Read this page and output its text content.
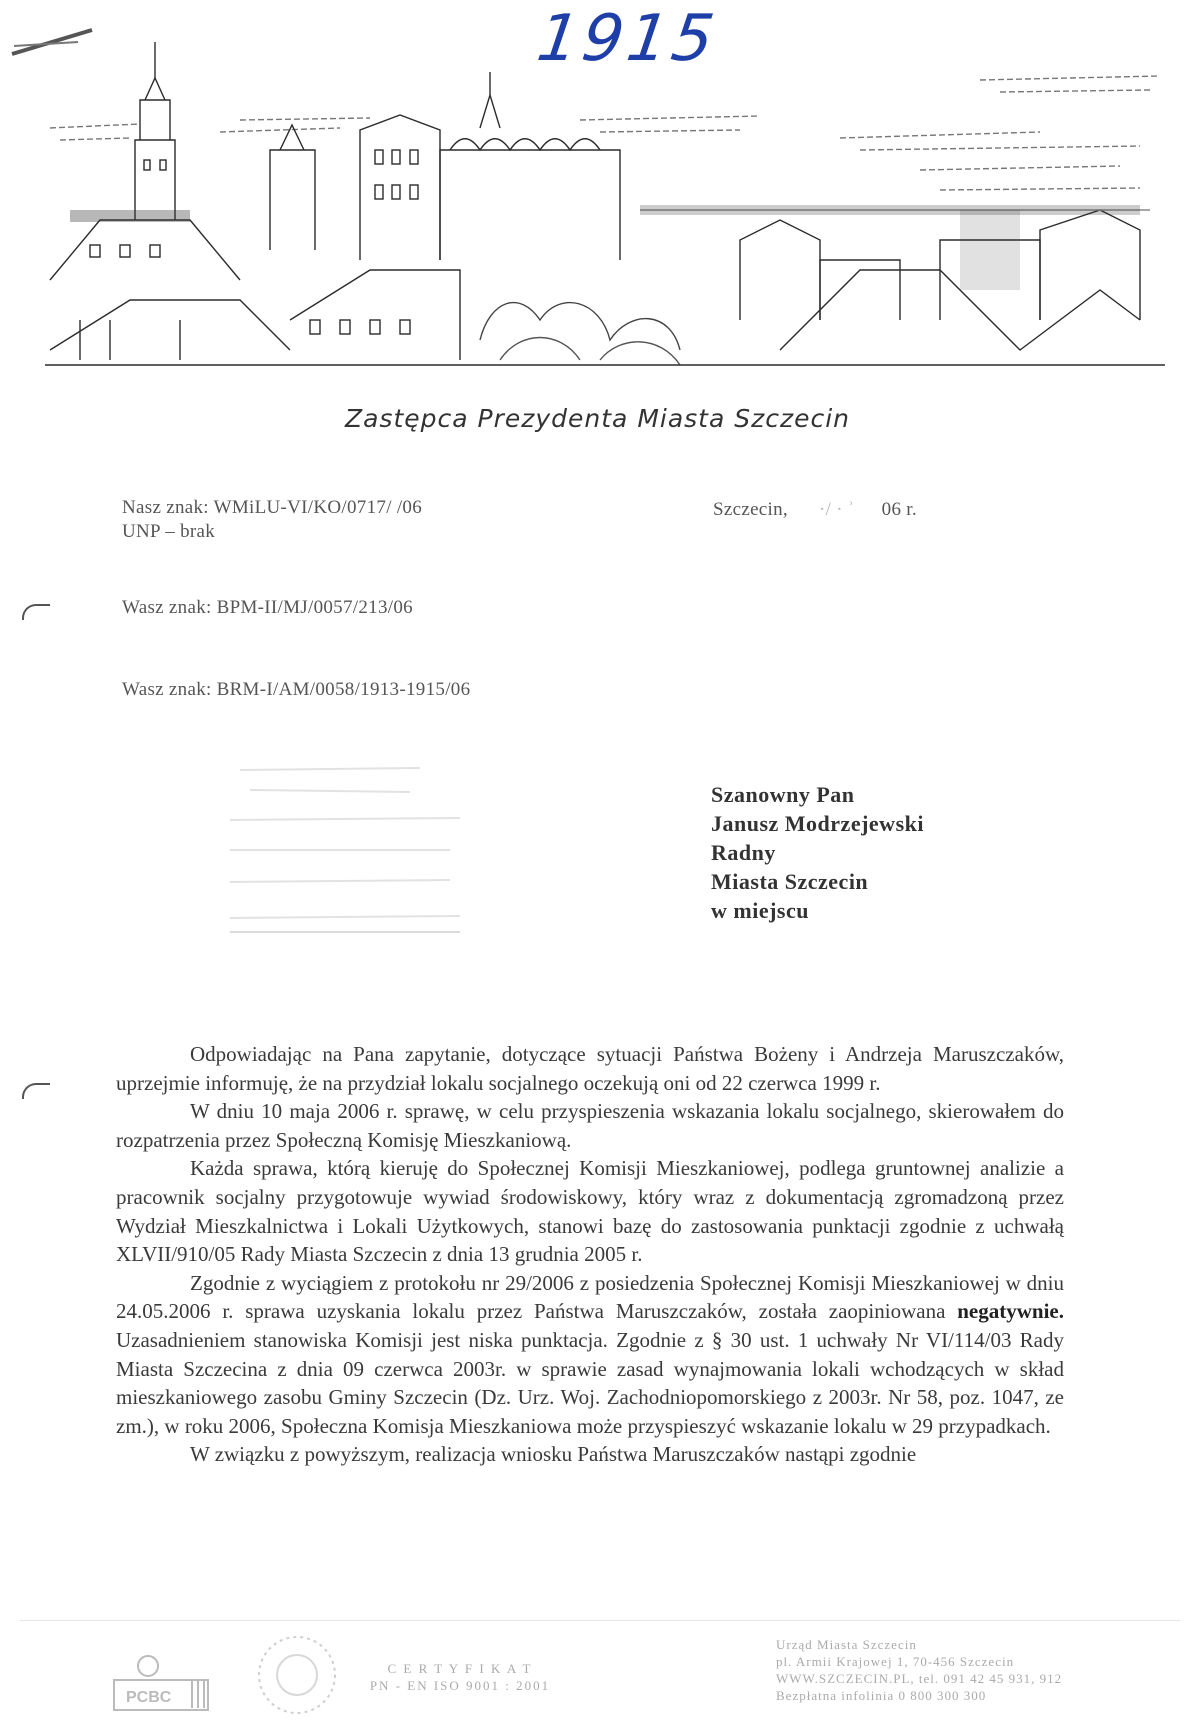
1915
Zastępca Prezydenta Miasta Szczecin
Nasz znak: WMiLU-VI/KO/0717/ /06
UNP – brak
Szczecin, ·/ · ʾ 06 r.
Wasz znak: BPM-II/MJ/0057/213/06
Wasz znak: BRM-I/AM/0058/1913-1915/06
Szanowny Pan
Janusz Modrzejewski
Radny
Miasta Szczecin
w miejscu

Odpowiadając na Pana zapytanie, dotyczące sytuacji Państwa Bożeny i Andrzeja Maruszczaków, uprzejmie informuję, że na przydział lokalu socjalnego oczekują oni od 22 czerwca 1999 r.

W dniu 10 maja 2006 r. sprawę, w celu przyspieszenia wskazania lokalu socjalnego, skierowałem do rozpatrzenia przez Społeczną Komisję Mieszkaniową.

Każda sprawa, którą kieruję do Społecznej Komisji Mieszkaniowej, podlega gruntownej analizie a pracownik socjalny przygotowuje wywiad środowiskowy, który wraz z dokumentacją zgromadzoną przez Wydział Mieszkalnictwa i Lokali Użytkowych, stanowi bazę do zastosowania punktacji zgodnie z uchwałą XLVII/910/05 Rady Miasta Szczecin z dnia 13 grudnia 2005 r.

Zgodnie z wyciągiem z protokołu nr 29/2006 z posiedzenia Społecznej Komisji Mieszkaniowej w dniu 24.05.2006 r. sprawa uzyskania lokalu przez Państwa Maruszczaków, została zaopiniowana negatywnie. Uzasadnieniem stanowiska Komisji jest niska punktacja. Zgodnie z § 30 ust. 1 uchwały Nr VI/114/03 Rady Miasta Szczecina z dnia 09 czerwca 2003r. w sprawie zasad wynajmowania lokali wchodzących w skład mieszkaniowego zasobu Gminy Szczecin (Dz. Urz. Woj. Zachodniopomorskiego z 2003r. Nr 58, poz. 1047, ze zm.), w roku 2006, Społeczna Komisja Mieszkaniowa może przyspieszyć wskazanie lokalu w 29 przypadkach.

W związku z powyższym, realizacja wniosku Państwa Maruszczaków nastąpi zgodnie

PCBC
C E R T Y F I K A T
PN - EN ISO 9001 : 2001
Urząd Miasta Szczecin
pl. Armii Krajowej 1, 70-456 Szczecin
WWW.SZCZECIN.PL, tel. 091 42 45 931, 912
Bezpłatna infolinia 0 800 300 300
